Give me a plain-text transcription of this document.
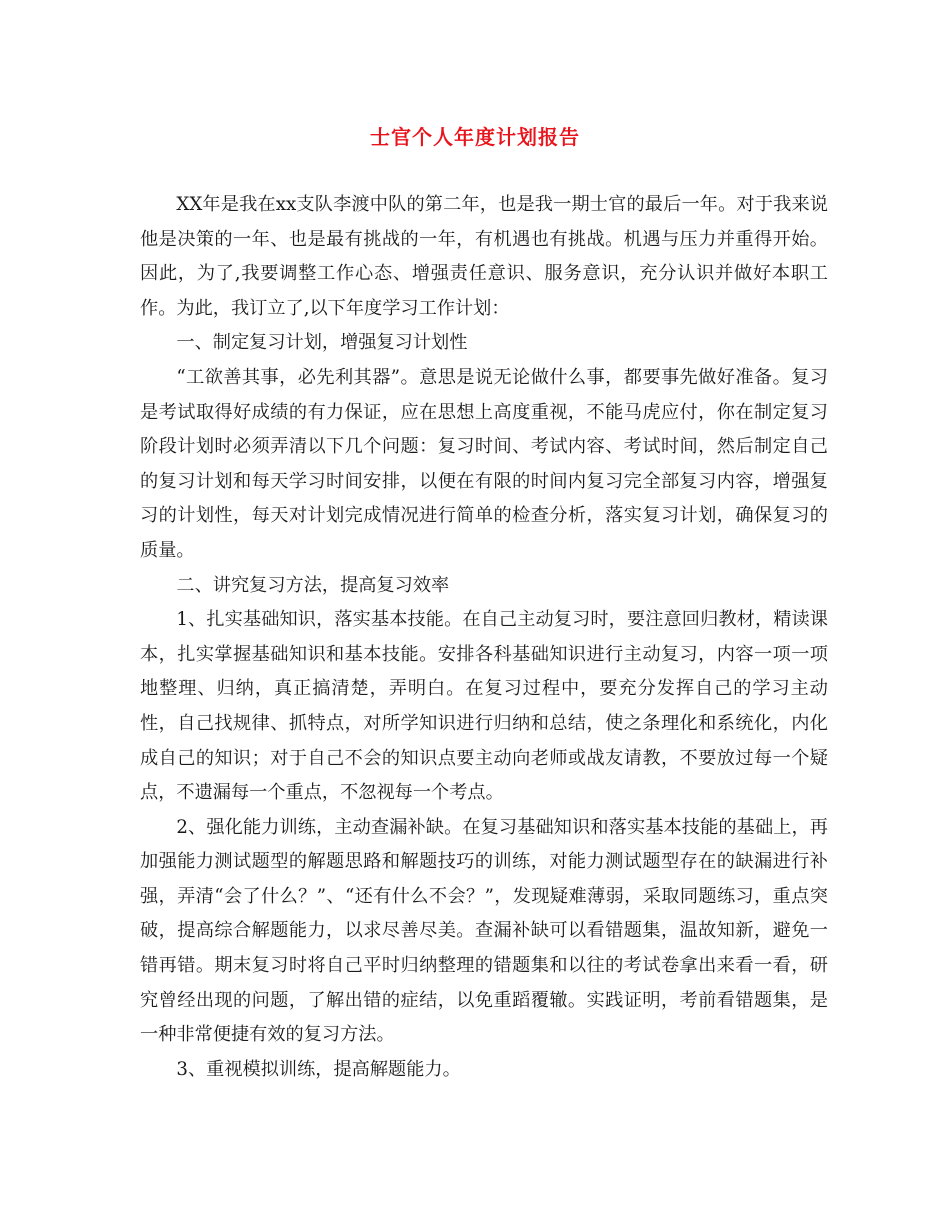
士官个人年度计划报告

XX年是我在xx支队李渡中队的第二年，也是我一期士官的最后一年。对于我来说他是决策的一年、也是最有挑战的一年，有机遇也有挑战。机遇与压力并重得开始。因此，为了,我要调整工作心态、增强责任意识、服务意识，充分认识并做好本职工作。为此，我订立了,以下年度学习工作计划：

一、制定复习计划，增强复习计划性

“工欲善其事，必先利其器”。意思是说无论做什么事，都要事先做好准备。复习是考试取得好成绩的有力保证，应在思想上高度重视，不能马虎应付，你在制定复习阶段计划时必须弄清以下几个问题：复习时间、考试内容、考试时间，然后制定自己的复习计划和每天学习时间安排，以便在有限的时间内复习完全部复习内容，增强复习的计划性，每天对计划完成情况进行简单的检查分析，落实复习计划，确保复习的质量。

二、讲究复习方法，提高复习效率

1、扎实基础知识，落实基本技能。在自己主动复习时，要注意回归教材，精读课本，扎实掌握基础知识和基本技能。安排各科基础知识进行主动复习，内容一项一项地整理、归纳，真正搞清楚，弄明白。在复习过程中，要充分发挥自己的学习主动性，自己找规律、抓特点，对所学知识进行归纳和总结，使之条理化和系统化，内化成自己的知识；对于自己不会的知识点要主动向老师或战友请教，不要放过每一个疑点，不遗漏每一个重点，不忽视每一个考点。

2、强化能力训练，主动查漏补缺。在复习基础知识和落实基本技能的基础上，再加强能力测试题型的解题思路和解题技巧的训练，对能力测试题型存在的缺漏进行补强，弄清“会了什么？”、“还有什么不会？”，发现疑难薄弱，采取同题练习，重点突破，提高综合解题能力，以求尽善尽美。查漏补缺可以看错题集，温故知新，避免一错再错。期末复习时将自己平时归纳整理的错题集和以往的考试卷拿出来看一看，研究曾经出现的问题，了解出错的症结，以免重蹈覆辙。实践证明，考前看错题集，是一种非常便捷有效的复习方法。

3、重视模拟训练，提高解题能力。
